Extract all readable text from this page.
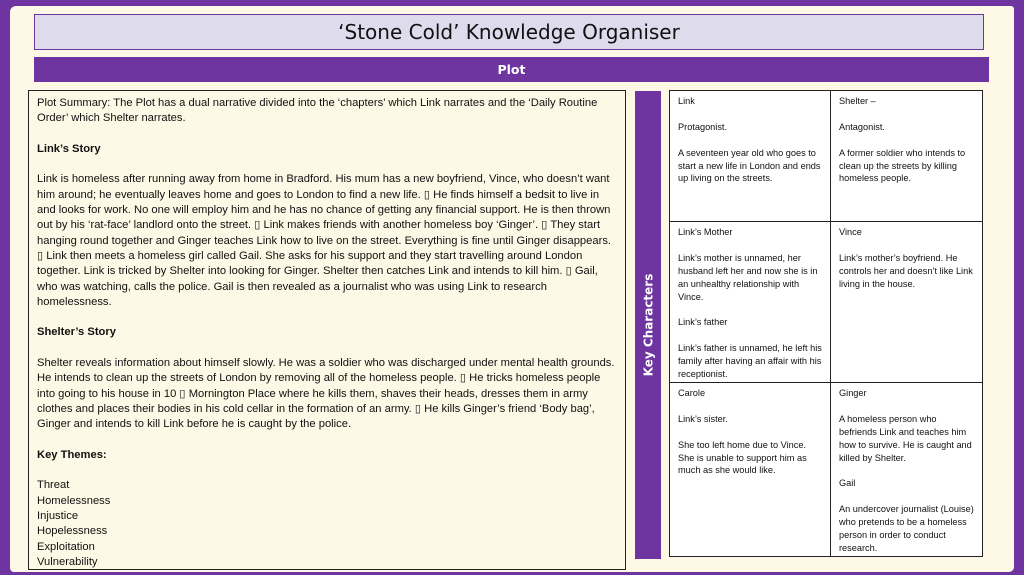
‘Stone Cold’ Knowledge Organiser
Plot

Plot Summary: The Plot has a dual narrative divided into the ‘chapters’ which Link narrates and the ‘Daily Routine Order’ which Shelter narrates.

Link’s Story

Link is homeless after running away from home in Bradford. His mum has a new boyfriend, Vince, who doesn’t want him around; he eventually leaves home and goes to London to find a new life. ▯ He finds himself a bedsit to live in and looks for work. No one will employ him and he has no chance of getting any financial support. He is then thrown out by his ‘rat-face’ landlord onto the street. ▯ Link makes friends with another homeless boy ‘Ginger’. ▯ They start hanging round together and Ginger teaches Link how to live on the street. Everything is fine until Ginger disappears. ▯ Link then meets a homeless girl called Gail. She asks for his support and they start travelling around London together. Link is tricked by Shelter into looking for Ginger. Shelter then catches Link and intends to kill him. ▯ Gail, who was watching, calls the police. Gail is then revealed as a journalist who was using Link to research homelessness.

Shelter’s Story

Shelter reveals information about himself slowly. He was a soldier who was discharged under mental health grounds. He intends to clean up the streets of London by removing all of the homeless people. ▯ He tricks homeless people into going to his house in 10 ▯ Mornington Place where he kills them, shaves their heads, dresses them in army clothes and places their bodies in his cold cellar in the formation of an army. ▯ He kills Ginger’s friend ‘Body bag’, Ginger and intends to kill Link before he is caught by the police.

Key Themes:

Threat

Homelessness

Injustice

Hopelessness

Exploitation

Vulnerability

Key Characters

Link

Protagonist.

A seventeen year old who goes to start a new life in London and ends up living on the streets.

Shelter –

Antagonist.

A former soldier who intends to clean up the streets by killing homeless people.

Link’s Mother

Link’s mother is unnamed, her husband left her and now she is in an unhealthy relationship with Vince.

Link’s father

Link’s father is unnamed, he left his family after having an affair with his receptionist.

Vince

Link’s mother’s boyfriend. He controls her and doesn’t like Link living in the house.

Carole

Link’s sister.

She too left home due to Vince. She is unable to support him as much as she would like.

Ginger

A homeless person who befriends Link and teaches him how to survive. He is caught and killed by Shelter.

Gail

An undercover journalist (Louise) who pretends to be a homeless person in order to conduct research.
